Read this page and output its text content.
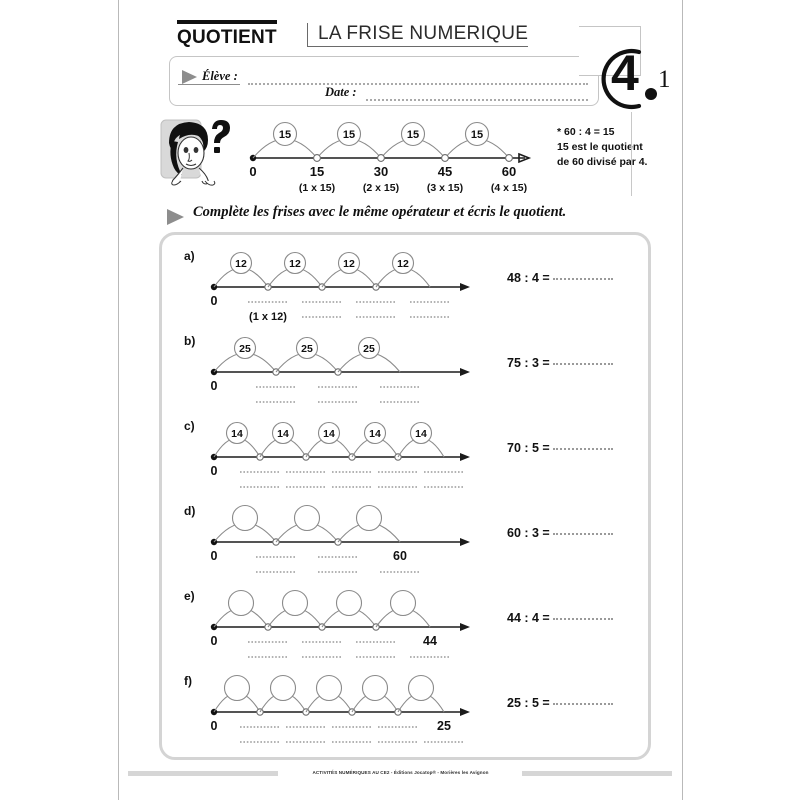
QUOTIENT	LA FRISE NUMERIQUE
Élève :
Date :	4 1
15	15	15	15
0	15	30	45	60
(1 x 15)	(2 x 15)	(3 x 15)	(4 x 15)
* 60 : 4 = 15
15 est le quotient
de 60 divisé par 4.
Complète les frises avec le même opérateur et écris le quotient.
a)
12	12	12	12
0
(1 x 12)
48 : 4 =
b)
25	25	25
0
75 : 3 =
c)
14	14	14	14	14
0
70 : 5 =
d)
0	60
60 : 3 =
e)
0	44
44 : 4 =
f)
0	25
25 : 5 =
ACTIVITÉS NUMÉRIQUES AU CE2 - Éditions Jocatop® - Morières les Avignon
